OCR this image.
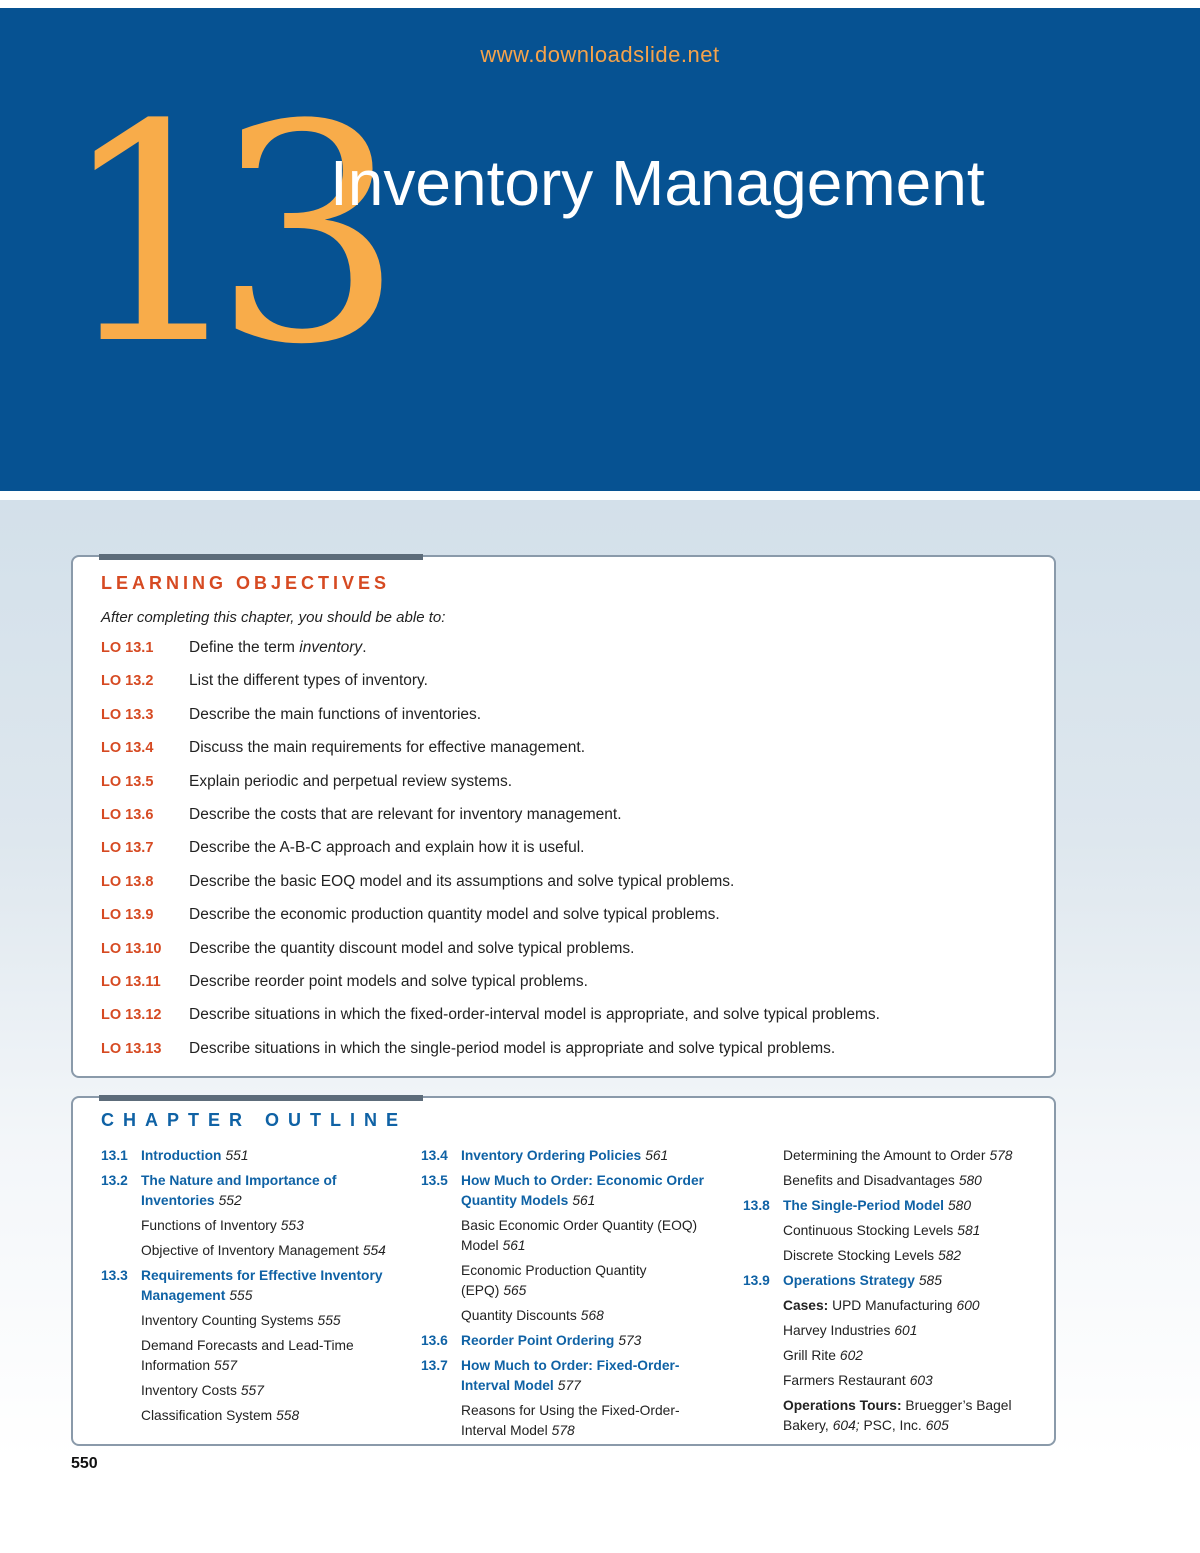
www.downloadslide.net
13
Inventory Management
LEARNING OBJECTIVES

After completing this chapter, you should be able to:

LO 13.1 Define the term inventory.
LO 13.2 List the different types of inventory.
LO 13.3 Describe the main functions of inventories.
LO 13.4 Discuss the main requirements for effective management.
LO 13.5 Explain periodic and perpetual review systems.
LO 13.6 Describe the costs that are relevant for inventory management.
LO 13.7 Describe the A-B-C approach and explain how it is useful.
LO 13.8 Describe the basic EOQ model and its assumptions and solve typical problems.
LO 13.9 Describe the economic production quantity model and solve typical problems.
LO 13.10 Describe the quantity discount model and solve typical problems.
LO 13.11 Describe reorder point models and solve typical problems.
LO 13.12 Describe situations in which the fixed-order-interval model is appropriate, and solve typical problems.
LO 13.13 Describe situations in which the single-period model is appropriate and solve typical problems.
CHAPTER OUTLINE
13.1 Introduction 551
13.2 The Nature and Importance of Inventories 552
Functions of Inventory 553
Objective of Inventory Management 554
13.3 Requirements for Effective Inventory Management 555
Inventory Counting Systems 555
Demand Forecasts and Lead-Time Information 557
Inventory Costs 557
Classification System 558
13.4 Inventory Ordering Policies 561
13.5 How Much to Order: Economic Order Quantity Models 561
Basic Economic Order Quantity (EOQ) Model 561
Economic Production Quantity (EPQ) 565
Quantity Discounts 568
13.6 Reorder Point Ordering 573
13.7 How Much to Order: Fixed-Order-Interval Model 577
Reasons for Using the Fixed-Order-Interval Model 578
Determining the Amount to Order 578
Benefits and Disadvantages 580
13.8 The Single-Period Model 580
Continuous Stocking Levels 581
Discrete Stocking Levels 582
13.9 Operations Strategy 585
Cases: UPD Manufacturing 600
Harvey Industries 601
Grill Rite 602
Farmers Restaurant 603
Operations Tours: Bruegger’s Bagel Bakery, 604; PSC, Inc. 605

550
